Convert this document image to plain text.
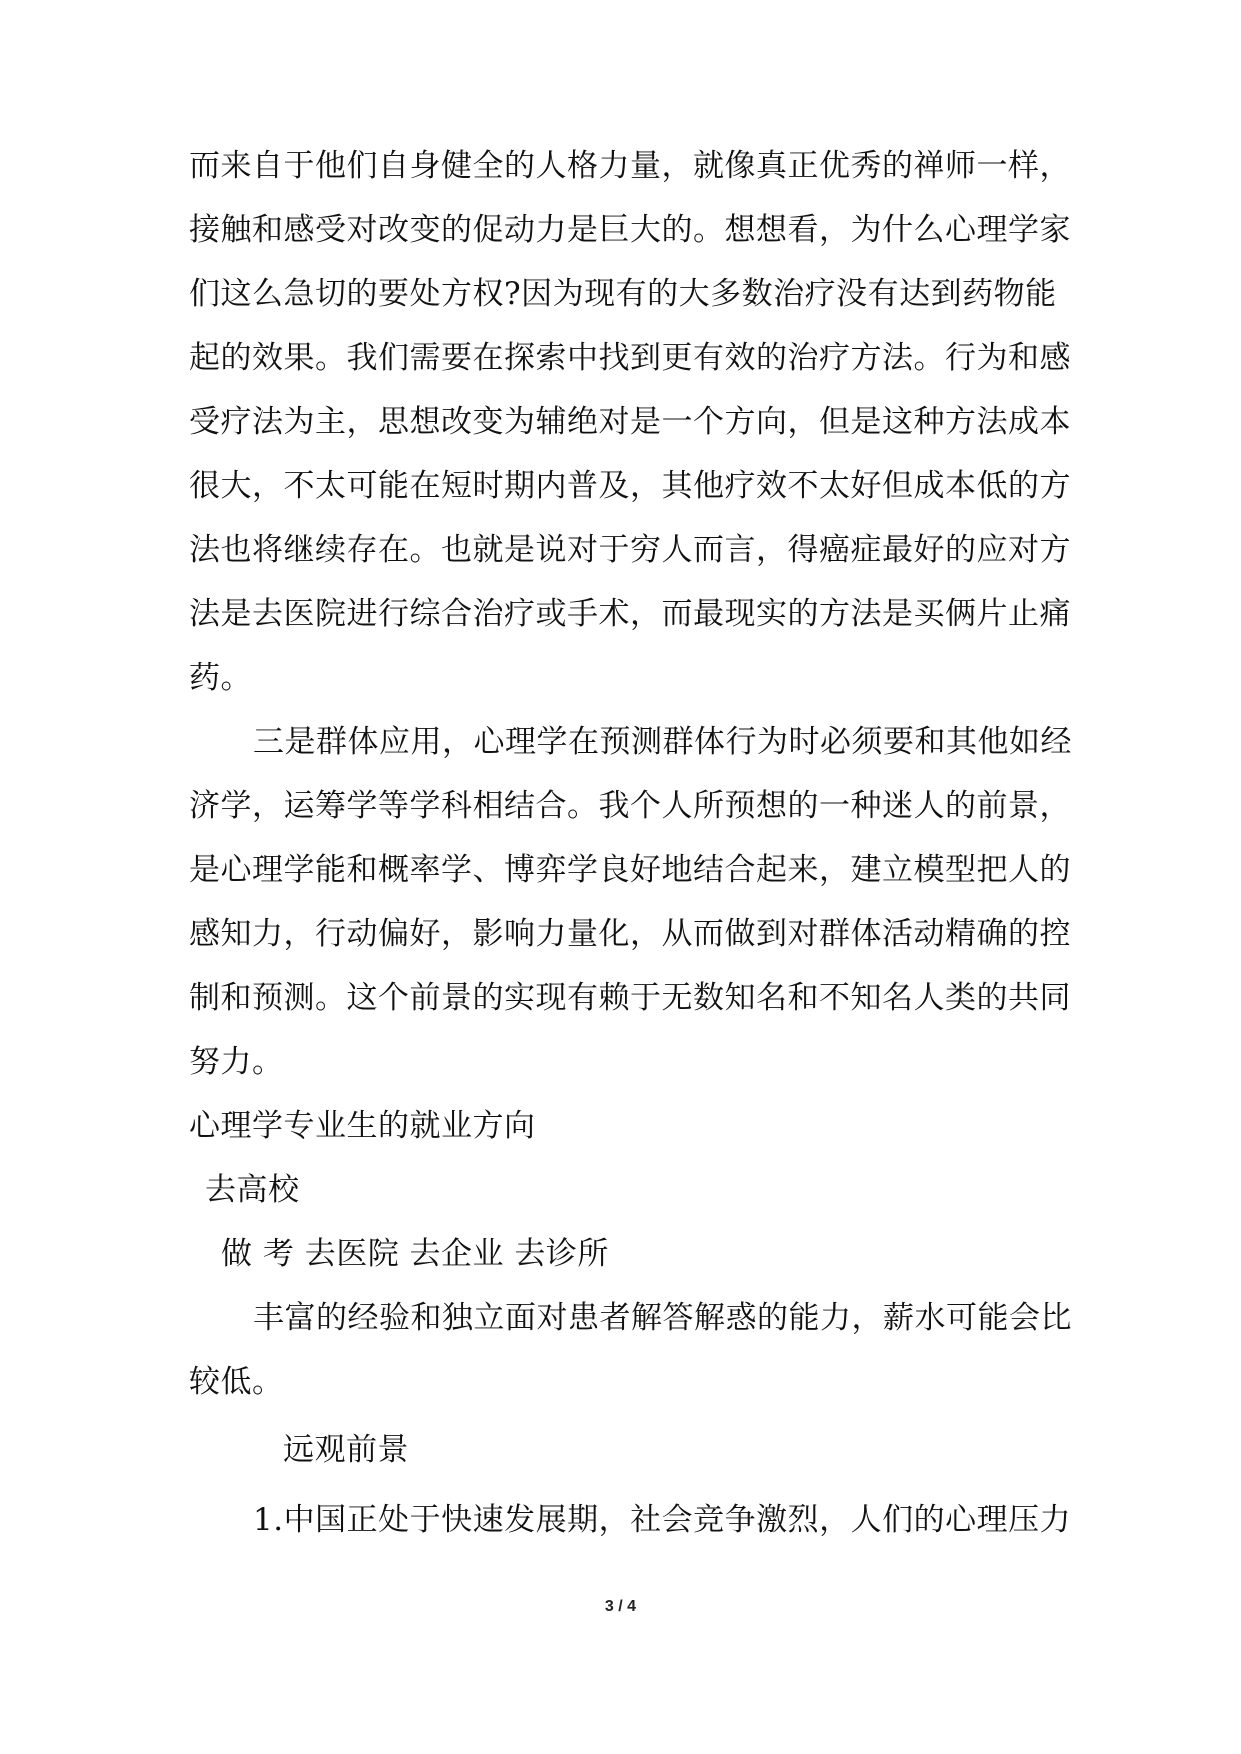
而来自于他们自身健全的人格力量，就像真正优秀的禅师一样，
接触和感受对改变的促动力是巨大的。想想看，为什么心理学家
们这么急切的要处方权?因为现有的大多数治疗没有达到药物能
起的效果。我们需要在探索中找到更有效的治疗方法。行为和感
受疗法为主，思想改变为辅绝对是一个方向，但是这种方法成本
很大，不太可能在短时期内普及，其他疗效不太好但成本低的方
法也将继续存在。也就是说对于穷人而言，得癌症最好的应对方
法是去医院进行综合治疗或手术，而最现实的方法是买俩片止痛
药。
三是群体应用，心理学在预测群体行为时必须要和其他如经
济学，运筹学等学科相结合。我个人所预想的一种迷人的前景，
是心理学能和概率学、博弈学良好地结合起来，建立模型把人的
感知力，行动偏好，影响力量化，从而做到对群体活动精确的控
制和预测。这个前景的实现有赖于无数知名和不知名人类的共同
努力。
心理学专业生的就业方向
去高校
做 考 去医院 去企业 去诊所
丰富的经验和独立面对患者解答解惑的能力，薪水可能会比
较低。
远观前景
1.中国正处于快速发展期，社会竞争激烈，人们的心理压力
3 / 4
